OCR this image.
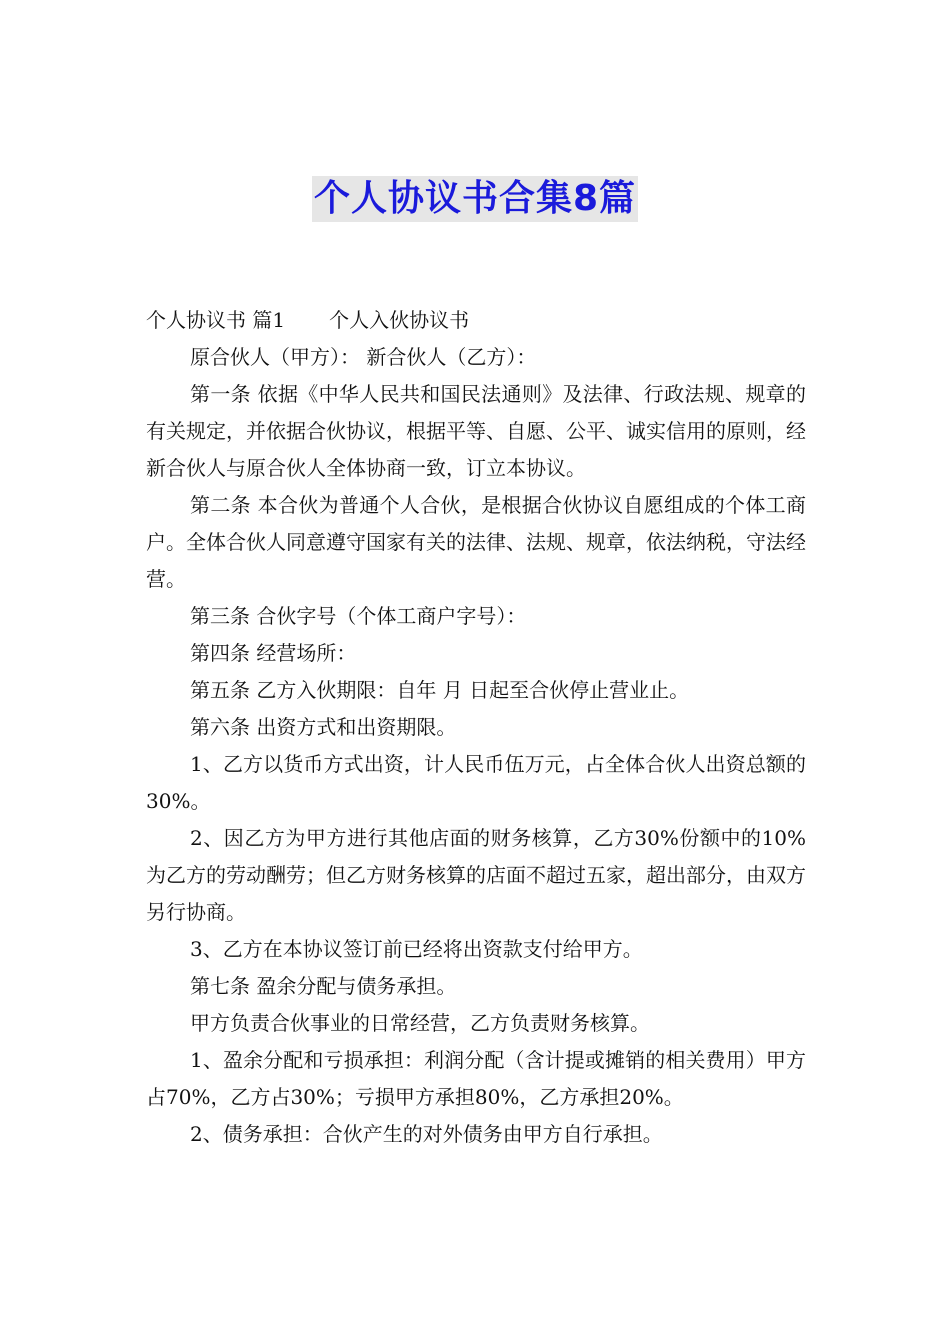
个人协议书合集8篇

个人协议书 篇1 个人入伙协议书

原合伙人（甲方）： 新合伙人（乙方）：

第一条 依据《中华人民共和国民法通则》及法律、行政法规、规章的有关规定，并依据合伙协议，根据平等、自愿、公平、诚实信用的原则，经新合伙人与原合伙人全体协商一致，订立本协议。

第二条 本合伙为普通个人合伙，是根据合伙协议自愿组成的个体工商户。全体合伙人同意遵守国家有关的法律、法规、规章，依法纳税，守法经营。

第三条 合伙字号（个体工商户字号）：

第四条 经营场所：

第五条 乙方入伙期限：自年 月 日起至合伙停止营业止。

第六条 出资方式和出资期限。

1、乙方以货币方式出资，计人民币伍万元，占全体合伙人出资总额的30%。

2、因乙方为甲方进行其他店面的财务核算，乙方30%份额中的10%为乙方的劳动酬劳；但乙方财务核算的店面不超过五家，超出部分，由双方另行协商。

3、乙方在本协议签订前已经将出资款支付给甲方。

第七条 盈余分配与债务承担。

甲方负责合伙事业的日常经营，乙方负责财务核算。

1、盈余分配和亏损承担：利润分配（含计提或摊销的相关费用）甲方占70%，乙方占30%；亏损甲方承担80%，乙方承担20%。

2、债务承担：合伙产生的对外债务由甲方自行承担。
